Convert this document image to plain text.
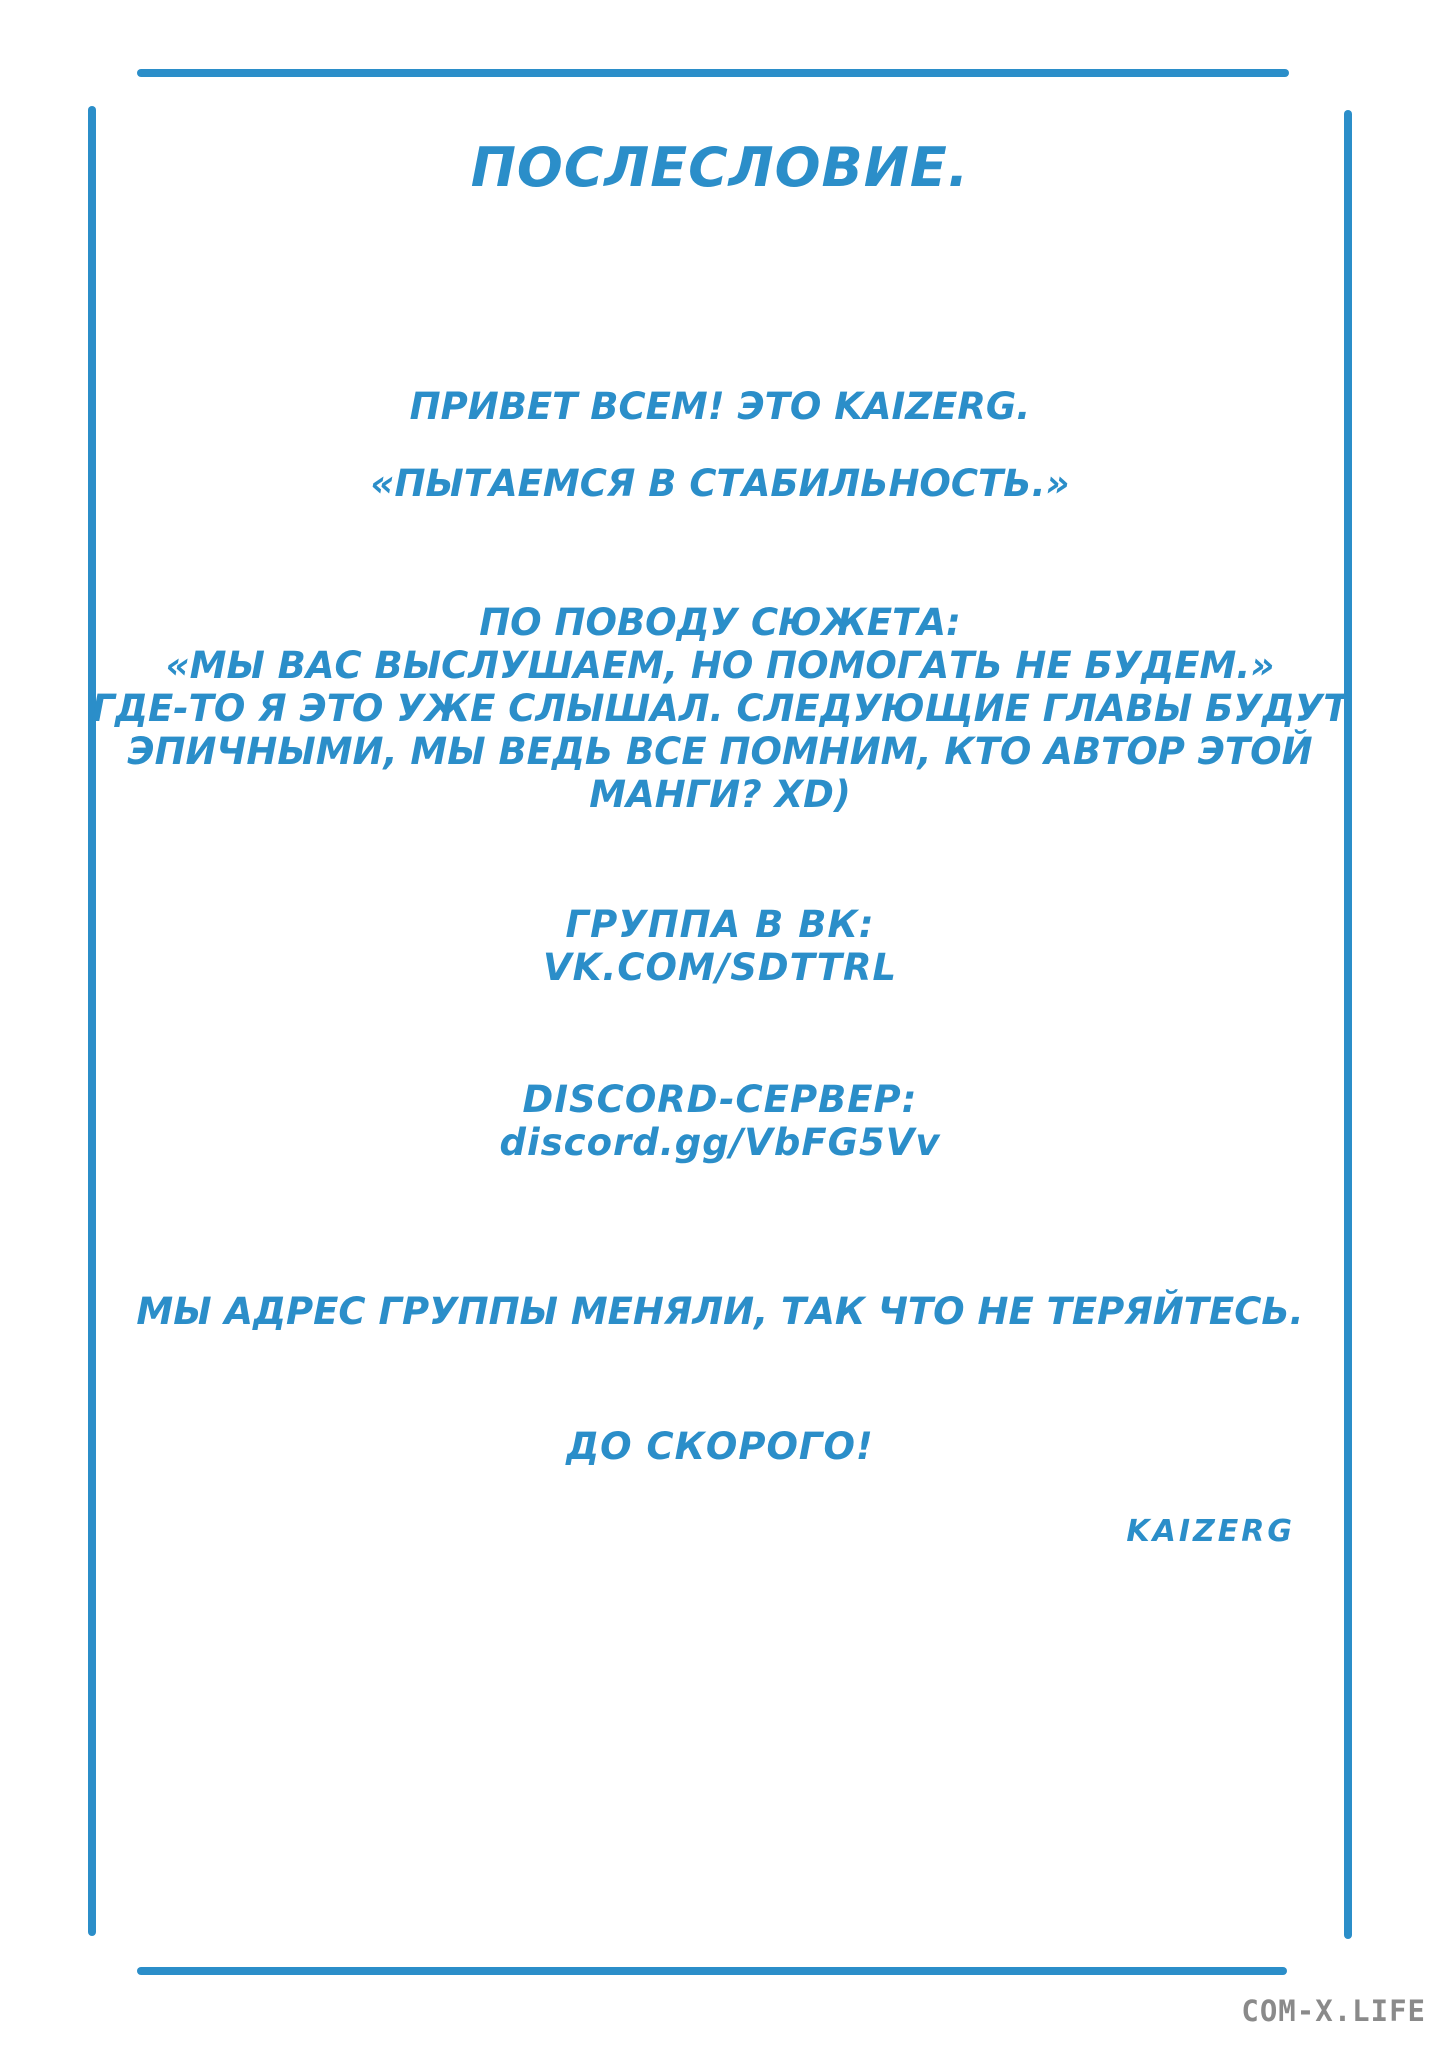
ПОСЛЕСЛОВИЕ.
ПРИВЕТ ВСЕМ! ЭТО KAIZERG.
«ПЫТАЕМСЯ В СТАБИЛЬНОСТЬ.»
ПО ПОВОДУ СЮЖЕТА:
«МЫ ВАС ВЫСЛУШАЕМ, НО ПОМОГАТЬ НЕ БУДЕМ.»
ГДЕ-ТО Я ЭТО УЖЕ СЛЫШАЛ. СЛЕДУЮЩИЕ ГЛАВЫ БУДУТ
ЭПИЧНЫМИ, МЫ ВЕДЬ ВСЕ ПОМНИМ, КТО АВТОР ЭТОЙ
МАНГИ? XD)
ГРУППА В ВК:
VK.COM/SDTTRL
DISCORD-СЕРВЕР:
discord.gg/VbFG5Vv
МЫ АДРЕС ГРУППЫ МЕНЯЛИ, ТАК ЧТО НЕ ТЕРЯЙТЕСЬ.
ДО СКОРОГО!
KAIZERG
COM-X.LIFE
